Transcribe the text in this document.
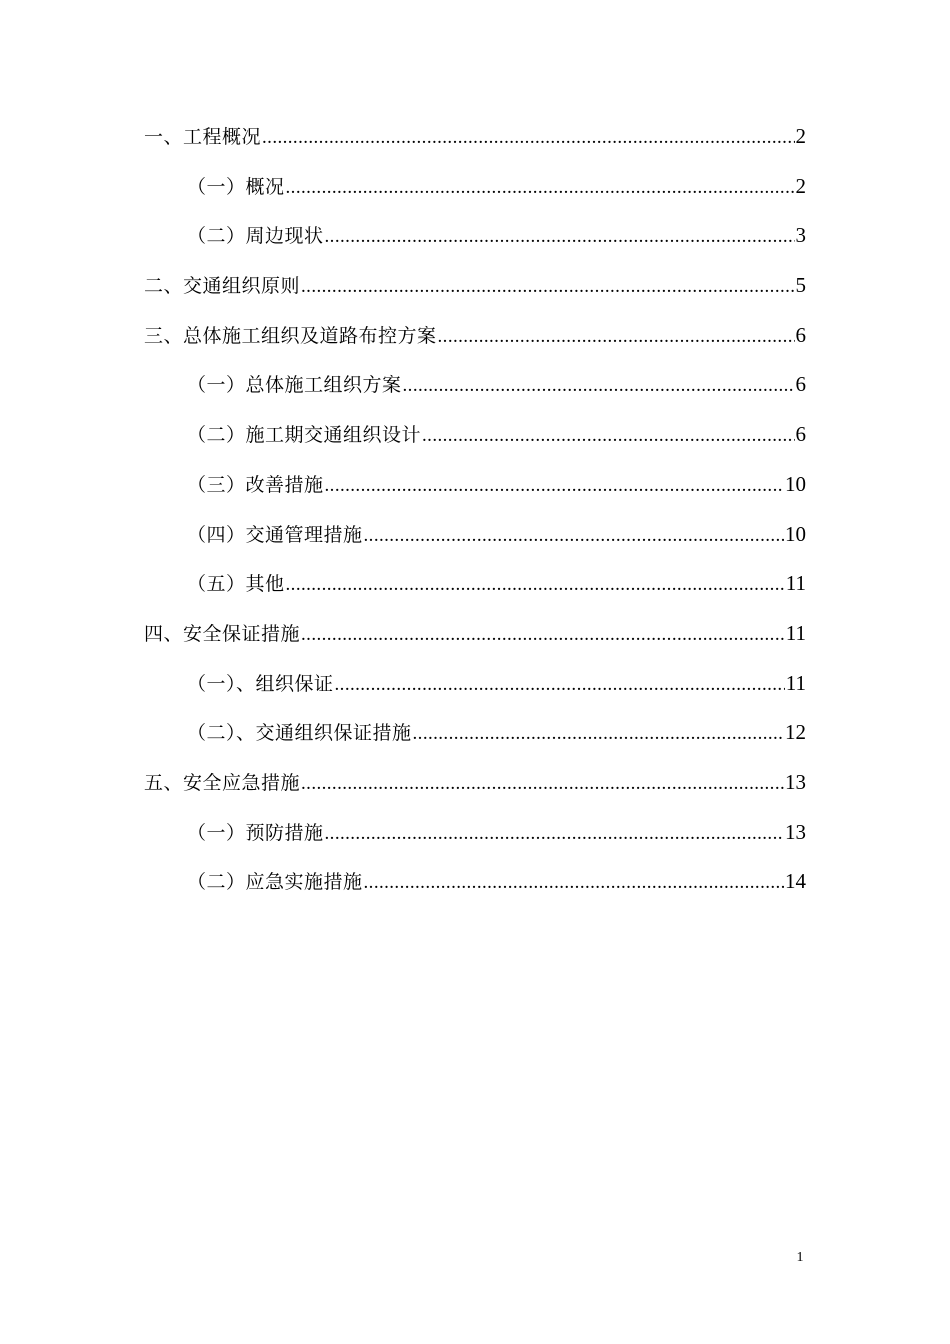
一、工程概况 .....	2
（一）概况 .....	2
（二）周边现状 .....	3
二、交通组织原则 .....	5
三、总体施工组织及道路布控方案 .....	6
（一）总体施工组织方案 .....	6
（二）施工期交通组织设计 .....	6
（三）改善措施 .....	10
（四）交通管理措施 .....	10
（五）其他 .....	11
四、安全保证措施 .....	11
（一）、组织保证 .....	11
（二）、交通组织保证措施 .....	12
五、安全应急措施 .....	13
（一）预防措施 .....	13
（二）应急实施措施 .....	14
1
